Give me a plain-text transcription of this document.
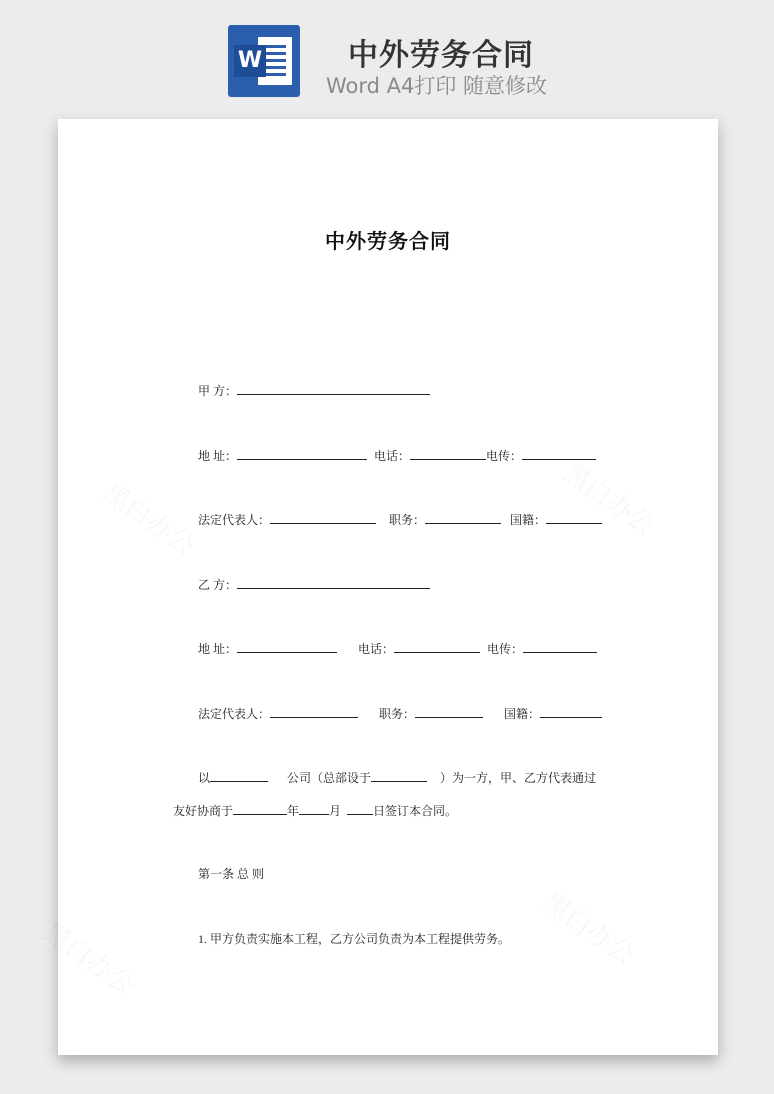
W	中外劳务合同
Word A4打印 随意修改
中外劳务合同
甲 方：
地 址：	电话：	电传：
法定代表人：	职务：	国籍：
乙 方：
地 址：	电话：	电传：
法定代表人：	职务：	国籍：
以	公司（总部设于	）为一方，甲、乙方代表通过
友好协商于	年	月	日签订本合同。
第一条 总 则
1. 甲方负责实施本工程，乙方公司负责为本工程提供劳务。
